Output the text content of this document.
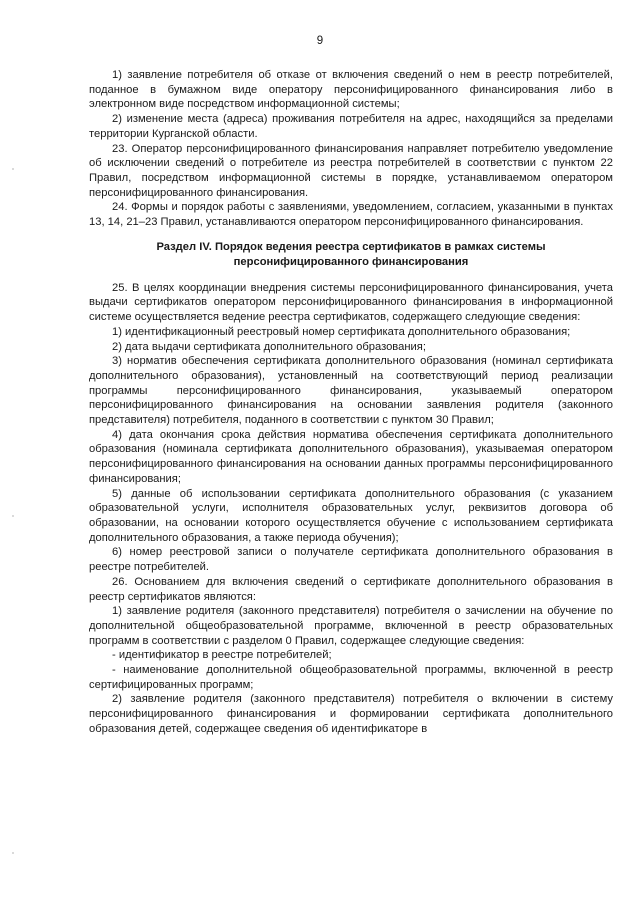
9

1) заявление потребителя об отказе от включения сведений о нем в реестр потребителей, поданное в бумажном виде оператору персонифицированного финансирования либо в электронном виде посредством информационной системы;

2) изменение места (адреса) проживания потребителя на адрес, находящийся за пределами территории Курганской области.

23. Оператор персонифицированного финансирования направляет потребителю уведомление об исключении сведений о потребителе из реестра потребителей в соответствии с пунктом 22 Правил, посредством информационной системы в порядке, устанавливаемом оператором персонифицированного финансирования.

24. Формы и порядок работы с заявлениями, уведомлением, согласием, указанными в пунктах 13, 14, 21–23 Правил, устанавливаются оператором персонифицированного финансирования.

Раздел IV. Порядок ведения реестра сертификатов в рамках системы персонифицированного финансирования

25. В целях координации внедрения системы персонифицированного финансирования, учета выдачи сертификатов оператором персонифицированного финансирования в информационной системе осуществляется ведение реестра сертификатов, содержащего следующие сведения:

1) идентификационный реестровый номер сертификата дополнительного образования;

2) дата выдачи сертификата дополнительного образования;

3) норматив обеспечения сертификата дополнительного образования (номинал сертификата дополнительного образования), установленный на соответствующий период реализации программы персонифицированного финансирования, указываемый оператором персонифицированного финансирования на основании заявления родителя (законного представителя) потребителя, поданного в соответствии с пунктом 30 Правил;

4) дата окончания срока действия норматива обеспечения сертификата дополнительного образования (номинала сертификата дополнительного образования), указываемая оператором персонифицированного финансирования на основании данных программы персонифицированного финансирования;

5) данные об использовании сертификата дополнительного образования (с указанием образовательной услуги, исполнителя образовательных услуг, реквизитов договора об образовании, на основании которого осуществляется обучение с использованием сертификата дополнительного образования, а также периода обучения);

6) номер реестровой записи о получателе сертификата дополнительного образования в реестре потребителей.

26. Основанием для включения сведений о сертификате дополнительного образования в реестр сертификатов являются:

1) заявление родителя (законного представителя) потребителя о зачислении на обучение по дополнительной общеобразовательной программе, включенной в реестр образовательных программ в соответствии с разделом 0 Правил, содержащее следующие сведения:

- идентификатор в реестре потребителей;

- наименование дополнительной общеобразовательной программы, включенной в реестр сертифицированных программ;

2) заявление родителя (законного представителя) потребителя о включении в систему персонифицированного финансирования и формировании сертификата дополнительного образования детей, содержащее сведения об идентификаторе в
